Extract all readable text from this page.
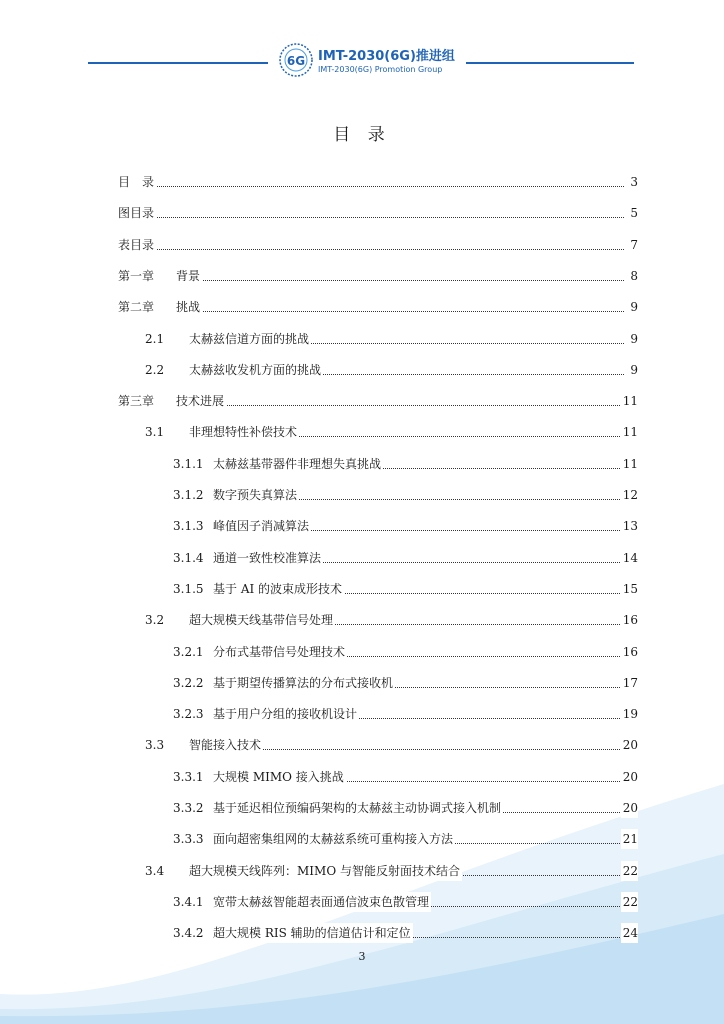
6G IMT-2030(6G)推进组
IMT-2030(6G) Promotion Group
目 录
目　录	3
图目录	5
表目录	7
第一章 背景	8
第二章 挑战	9
2.1 太赫兹信道方面的挑战	9
2.2 太赫兹收发机方面的挑战	9
第三章 技术进展	11
3.1 非理想特性补偿技术	11
3.1.1 太赫兹基带器件非理想失真挑战	11
3.1.2 数字预失真算法	12
3.1.3 峰值因子消减算法	13
3.1.4 通道一致性校准算法	14
3.1.5 基于 AI 的波束成形技术	15
3.2 超大规模天线基带信号处理	16
3.2.1 分布式基带信号处理技术	16
3.2.2 基于期望传播算法的分布式接收机	17
3.2.3 基于用户分组的接收机设计	19
3.3 智能接入技术	20
3.3.1 大规模 MIMO 接入挑战	20
3.3.2 基于延迟相位预编码架构的太赫兹主动协调式接入机制	20
3.3.3 面向超密集组网的太赫兹系统可重构接入方法	21
3.4 超大规模天线阵列：MIMO 与智能反射面技术结合	22
3.4.1 宽带太赫兹智能超表面通信波束色散管理	22
3.4.2 超大规模 RIS 辅助的信道估计和定位	24
3
